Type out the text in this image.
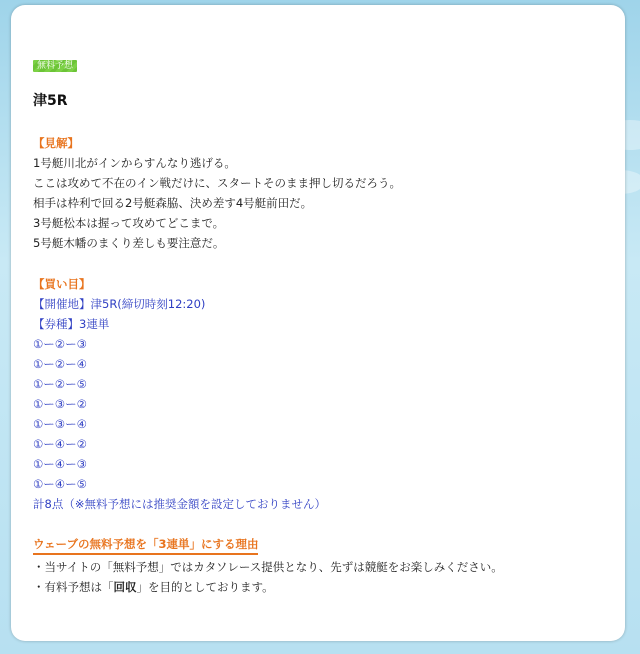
無料予想
津5R
【見解】
1号艇川北がインからすんなり逃げる。
ここは攻めて不在のイン戦だけに、スタートそのまま押し切るだろう。
相手は枠利で回る2号艇森脇、決め差す4号艇前田だ。
3号艇松本は握って攻めてどこまで。
5号艇木幡のまくり差しも要注意だ。
【買い目】
【開催地】津5R(締切時刻12:20)
【券種】3連単
①ー②ー③
①ー②ー④
①ー②ー⑤
①ー③ー②
①ー③ー④
①ー④ー②
①ー④ー③
①ー④ー⑤
計8点（※無料予想には推奨金額を設定しておりません）
ウェーブの無料予想を「3連単」にする理由
・当サイトの「無料予想」ではカタソレース提供となり、先ずは競艇をお楽しみください。
・有料予想は「回収」を目的としております。
